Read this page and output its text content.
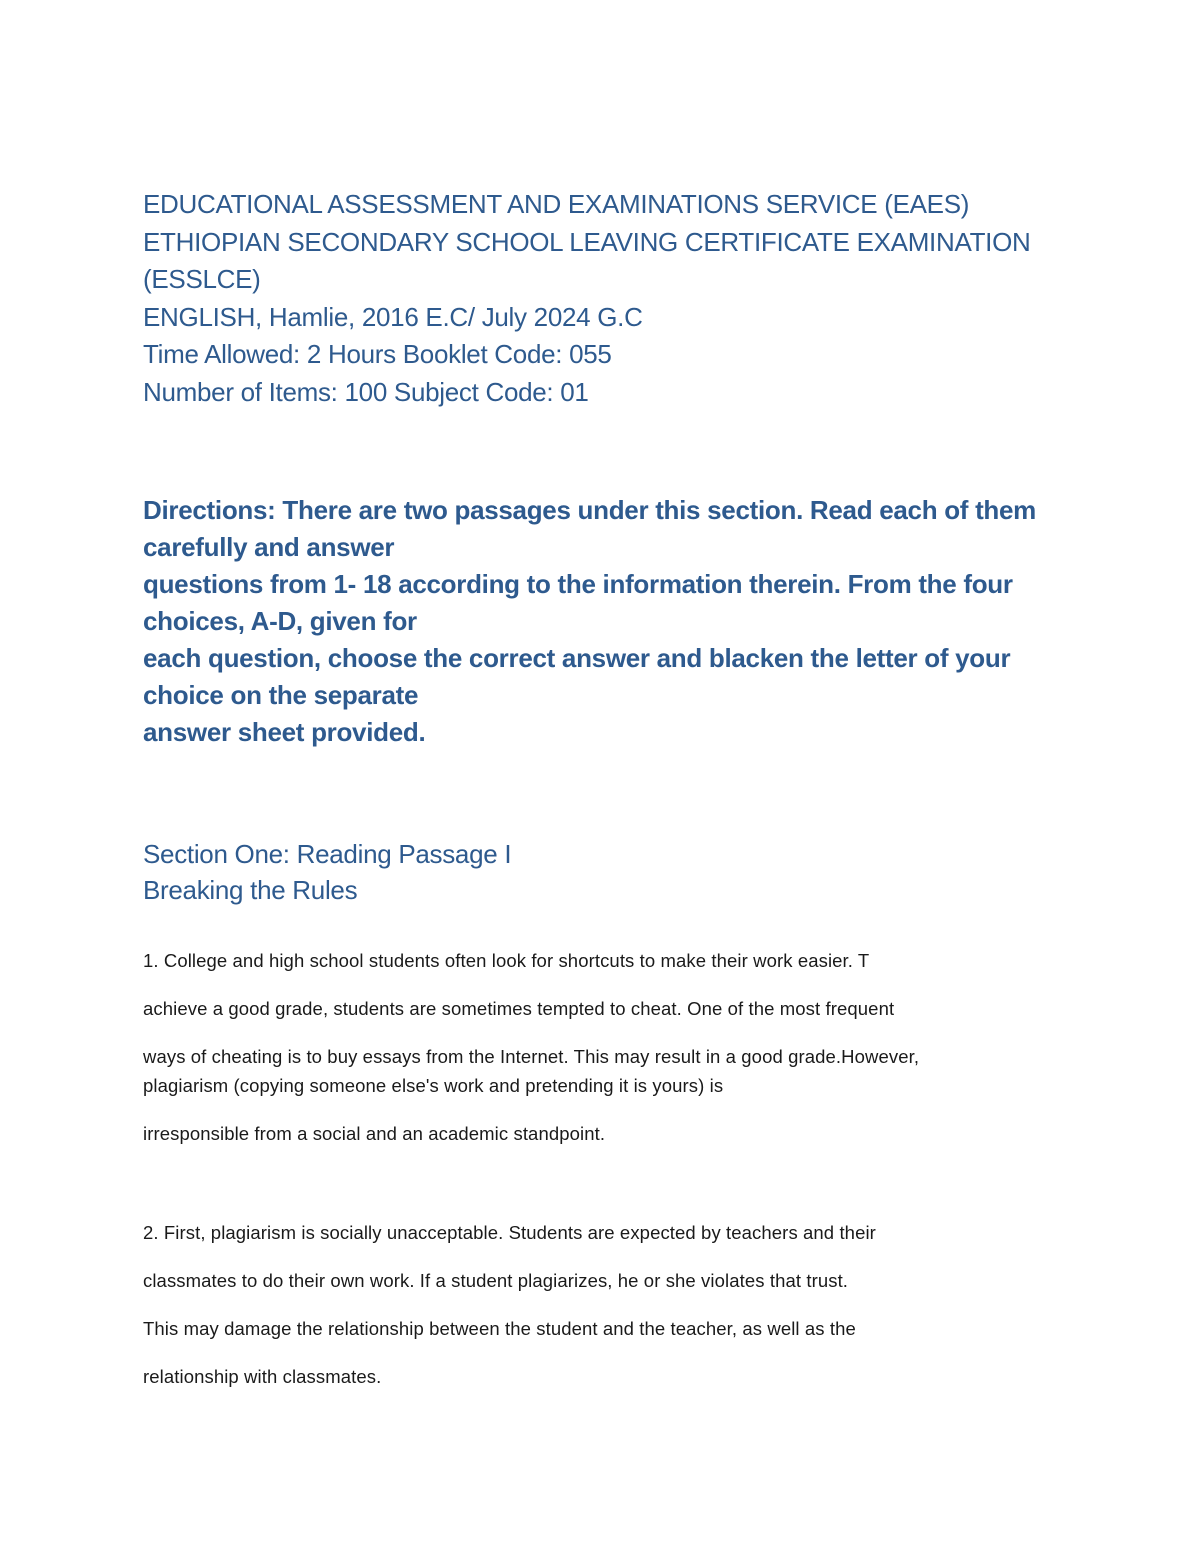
EDUCATIONAL ASSESSMENT AND EXAMINATIONS SERVICE (EAES)
ETHIOPIAN SECONDARY SCHOOL LEAVING CERTIFICATE EXAMINATION
(ESSLCE)
ENGLISH, Hamlie, 2016 E.C/ July 2024 G.C
Time Allowed: 2 Hours Booklet Code: 055
Number of Items: 100 Subject Code: 01
Directions: There are two passages under this section. Read each of them
carefully and answer
questions from 1- 18 according to the information therein. From the four
choices, A-D, given for
each question, choose the correct answer and blacken the letter of your
choice on the separate
answer sheet provided.
Section One: Reading Passage I
Breaking the Rules
1. College and high school students often look for shortcuts to make their work easier. T
achieve a good grade, students are sometimes tempted to cheat. One of the most frequent
ways of cheating is to buy essays from the Internet. This may result in a good grade.However,
plagiarism (copying someone else's work and pretending it is yours) is
irresponsible from a social and an academic standpoint.
2. First, plagiarism is socially unacceptable. Students are expected by teachers and their
classmates to do their own work. If a student plagiarizes, he or she violates that trust.
This may damage the relationship between the student and the teacher, as well as the
relationship with classmates.
